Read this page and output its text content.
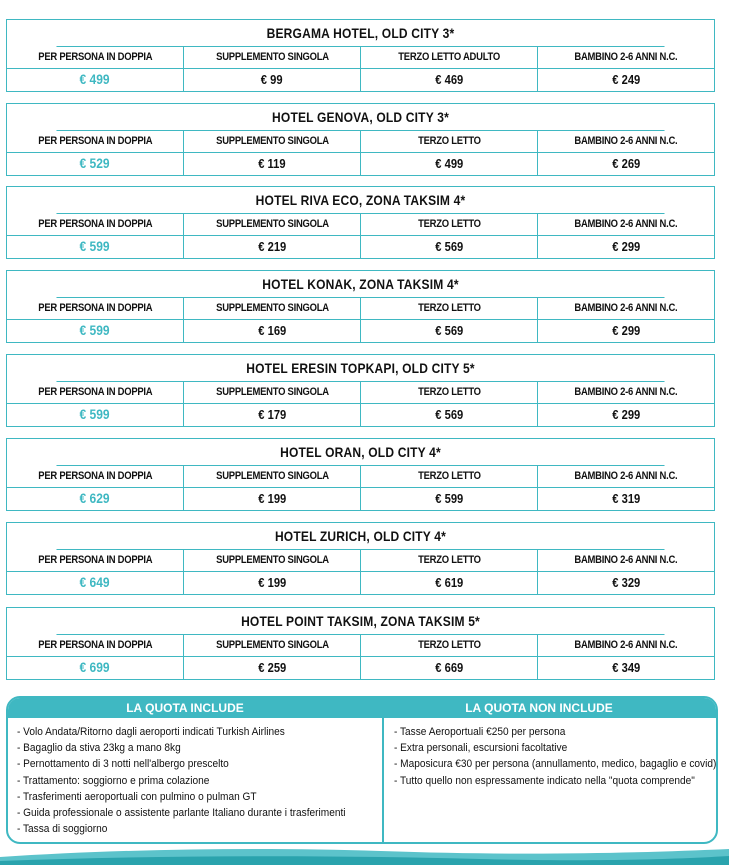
BERGAMA HOTEL, OLD CITY 3*
PER PERSONA IN DOPPIA	SUPPLEMENTO SINGOLA	TERZO LETTO ADULTO	BAMBINO 2-6 ANNI N.C.
€ 499	€ 99	€ 469	€ 249
HOTEL GENOVA, OLD CITY 3*
PER PERSONA IN DOPPIA	SUPPLEMENTO SINGOLA	TERZO LETTO	BAMBINO 2-6 ANNI N.C.
€ 529	€ 119	€ 499	€ 269
HOTEL RIVA ECO, ZONA TAKSIM 4*
PER PERSONA IN DOPPIA	SUPPLEMENTO SINGOLA	TERZO LETTO	BAMBINO 2-6 ANNI N.C.
€ 599	€ 219	€ 569	€ 299
HOTEL KONAK, ZONA TAKSIM 4*
PER PERSONA IN DOPPIA	SUPPLEMENTO SINGOLA	TERZO LETTO	BAMBINO 2-6 ANNI N.C.
€ 599	€ 169	€ 569	€ 299
HOTEL ERESIN TOPKAPI, OLD CITY 5*
PER PERSONA IN DOPPIA	SUPPLEMENTO SINGOLA	TERZO LETTO	BAMBINO 2-6 ANNI N.C.
€ 599	€ 179	€ 569	€ 299
HOTEL ORAN, OLD CITY 4*
PER PERSONA IN DOPPIA	SUPPLEMENTO SINGOLA	TERZO LETTO	BAMBINO 2-6 ANNI N.C.
€ 629	€ 199	€ 599	€ 319
HOTEL ZURICH, OLD CITY 4*
PER PERSONA IN DOPPIA	SUPPLEMENTO SINGOLA	TERZO LETTO	BAMBINO 2-6 ANNI N.C.
€ 649	€ 199	€ 619	€ 329
HOTEL POINT TAKSIM, ZONA TAKSIM 5*
PER PERSONA IN DOPPIA	SUPPLEMENTO SINGOLA	TERZO LETTO	BAMBINO 2-6 ANNI N.C.
€ 699	€ 259	€ 669	€ 349
LA QUOTA INCLUDE	LA QUOTA NON INCLUDE
- Volo Andata/Ritorno dagli aeroporti indicati Turkish Airlines
- Bagaglio da stiva 23kg a mano 8kg
- Pernottamento di 3 notti nell'albergo prescelto
- Trattamento: soggiorno e prima colazione
- Trasferimenti aeroportuali con pulmino o pulman GT
- Guida professionale o assistente parlante Italiano durante i trasferimenti
- Tassa di soggiorno
- Tasse Aeroportuali €250 per persona
- Extra personali, escursioni facoltative
- Maposicura €30 per persona (annullamento, medico, bagaglio e covid)
- Tutto quello non espressamente indicato nella "quota comprende"
